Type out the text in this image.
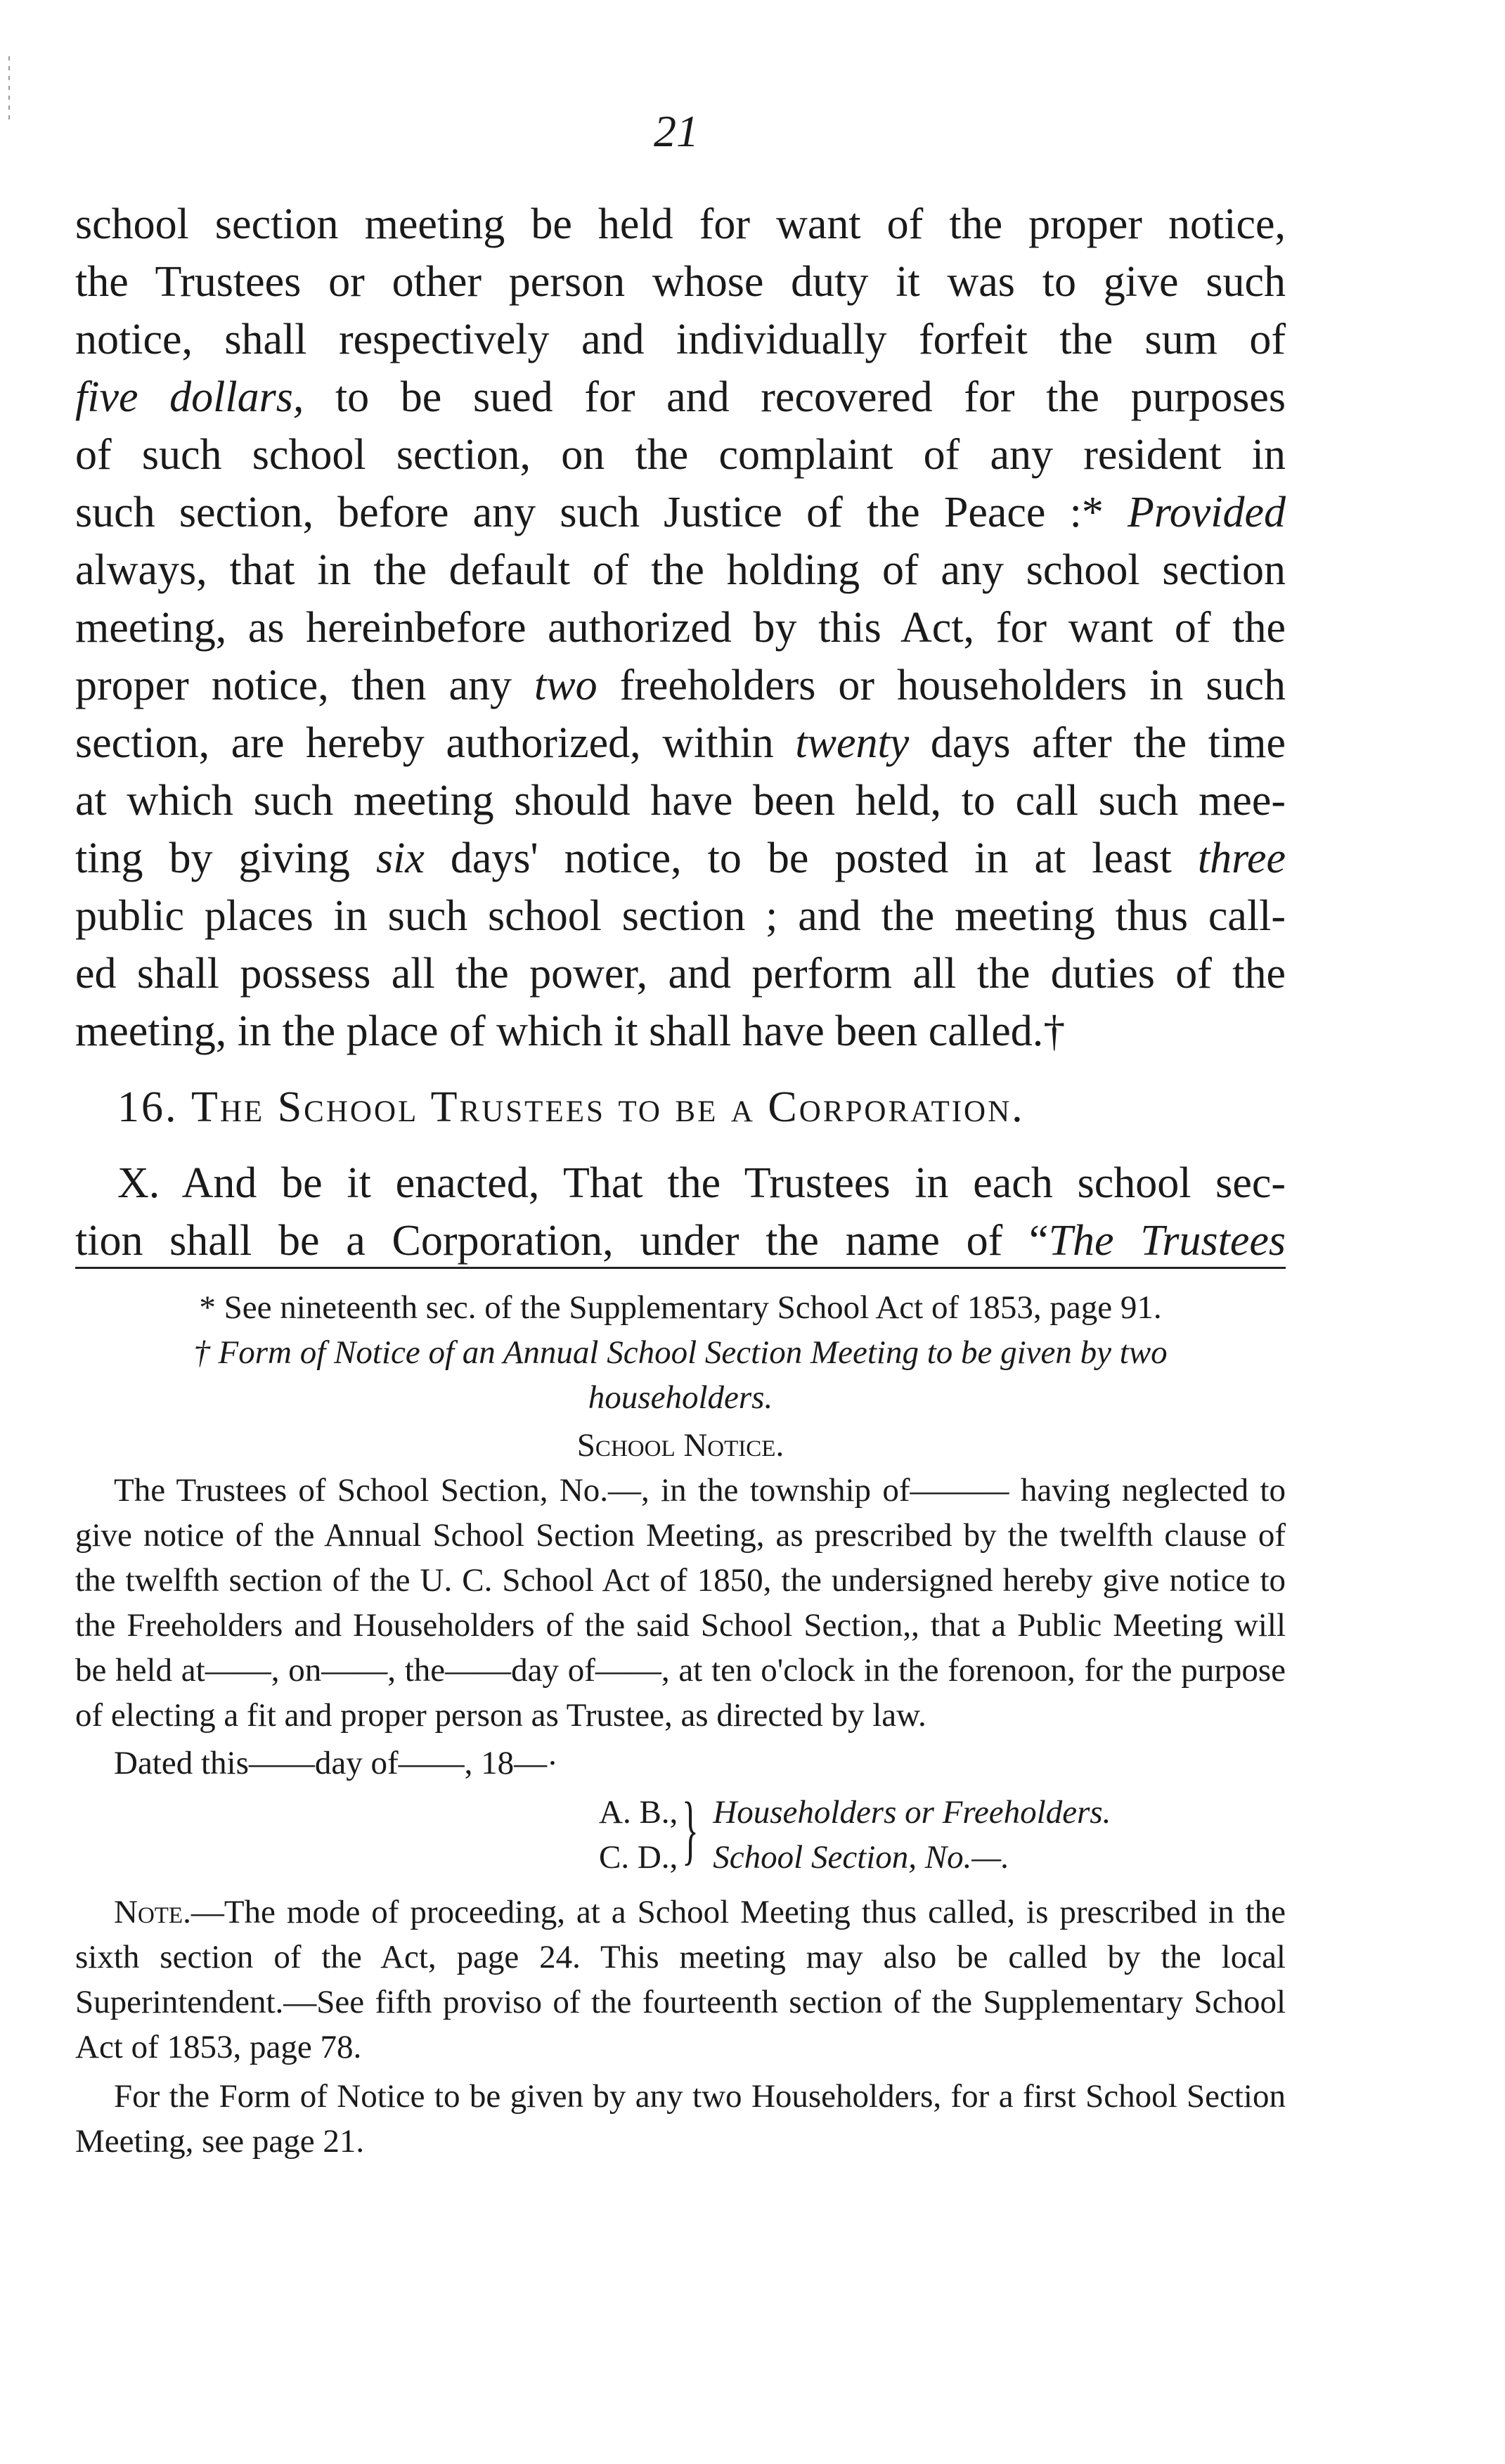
21

school section meeting be held for want of the proper notice,

the Trustees or other person whose duty it was to give such

notice, shall respectively and individually forfeit the sum of

five dollars, to be sued for and recovered for the purposes

of such school section, on the complaint of any resident in

such section, before any such Justice of the Peace :* Provided

always, that in the default of the holding of any school section

meeting, as hereinbefore authorized by this Act, for want of the

proper notice, then any two freeholders or householders in such

section, are hereby authorized, within twenty days after the time

at which such meeting should have been held, to call such mee-

ting by giving six days' notice, to be posted in at least three

public places in such school section ; and the meeting thus call-

ed shall possess all the power, and perform all the duties of the

meeting, in the place of which it shall have been called.†

16. The School Trustees to be a Corporation.

X. And be it enacted, That the Trustees in each school sec-

tion shall be a Corporation, under the name of “The Trustees

* See nineteenth sec. of the Supplementary School Act of 1853, page 91.

† Form of Notice of an Annual School Section Meeting to be given by two householders.

School Notice.

The Trustees of School Section, No.—, in the township of——— having neglected to give notice of the Annual School Section Meeting, as prescribed by the twelfth clause of the twelfth section of the U. C. School Act of 1850, the undersigned hereby give notice to the Freeholders and Householders of the said School Section,, that a Public Meeting will be held at——, on——, the——day of——, at ten o'clock in the forenoon, for the purpose of electing a fit and proper person as Trustee, as directed by law.

Dated this——day of——, 18—·

A. B.,
C. D., } Householders or Freeholders.
School Section, No.—.

Note.—The mode of proceeding, at a School Meeting thus called, is prescribed in the sixth section of the Act, page 24. This meeting may also be called by the local Superintendent.—See fifth proviso of the fourteenth section of the Supplementary School Act of 1853, page 78.

For the Form of Notice to be given by any two Householders, for a first School Section Meeting, see page 21.
